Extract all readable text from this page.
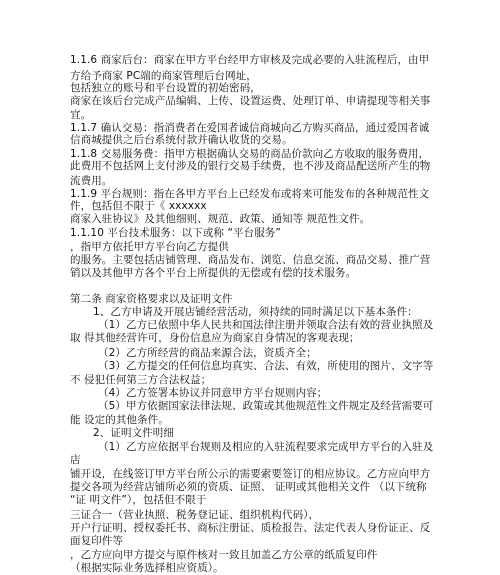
1.1.6 商家后台：商家在甲方平台经甲方审核及完成必要的入驻流程后，由甲
方给予商家 PC端的商家管理后台网址，
包括独立的账号和平台设置的初始密码，
商家在该后台完成产品编辑、上传、设置运费、处理订单、申请提现等相关事
宜。
1.1.7 确认交易：指消费者在爱国者诚信商城向乙方购买商品，通过爱国者诚
信商城提供之后台系统付款并确认收货的交易。
1.1.8 交易服务费：指甲方根据确认交易的商品价款向乙方收取的服务费用，
此费用不包括网上支付涉及的银行交易手续费，也不涉及商品配送所产生的物
流费用。
1.1.9 平台规则：指在各甲方平台上已经发布或将来可能发布的各种规范性文
件，包括但不限于《 xxxxxx
商家入驻协议》及其他细则、规范、政策、通知等 规范性文件。
1.1.10 平台技术服务：以下或称 “平台服务”
，指甲方依托甲方平台向乙方提供
的服务。主要包括店铺管理、商品发布、浏览、信息交流、商品交易、推广营
销以及其他甲方各个平台上所提供的无偿或有偿的技术服务。
第二条 商家资格要求以及证明文件
1、乙方申请及开展店铺经营活动，须持续的同时满足以下基本条件：
（1）乙方已依照中华人民共和国法律注册并领取合法有效的营业执照及
取 得其他经营许可，身份信息应为商家自身情况的客观表现；
（2）乙方所经营的商品来源合法，资质齐全；
（3）乙方提交的任何信息均真实、合法、有效，所使用的图片、文字等
不 侵犯任何第三方合法权益；
（4）乙方签署本协议并同意甲方平台规则内容；
（5）甲方依据国家法律法规、政策或其他规范性文件规定及经营需要可
能 设定的其他条件。
2、证明文件明细
（1）乙方应依据平台规则及相应的入驻流程要求完成甲方平台的入驻及
店
铺开设，在线签订甲方平台所公示的需要索要签订的相应协议。乙方应向甲方
提交各项为经营店铺所必须的资质、证照、 证明或其他相关文件 （以下统称
“证 明文件”），包括但不限于
三证合一（营业执照、税务登记证、组织机构代码），
开户行证明、授权委托书、商标注册证、质检报告、法定代表人身份证正、反
面复印件等
，乙方应向甲方提交与原件核对一致且加盖乙方公章的纸质复印件
（根据实际业务选择相应资质）。
